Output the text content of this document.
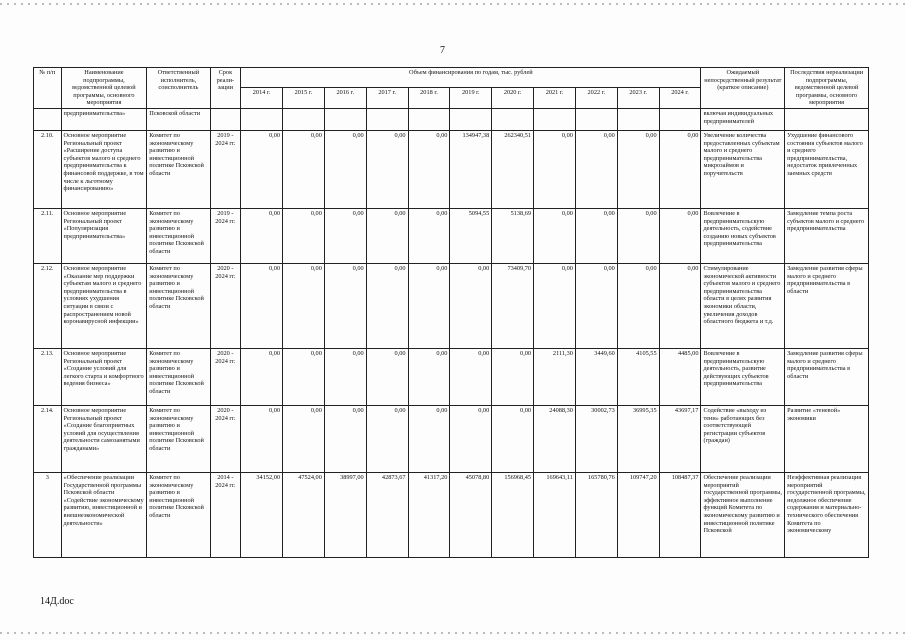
7
№ п/п	Наименование подпрограммы, ведомственной целевой программы, основного мероприятия	Ответственный исполнитель, соисполнитель	Срок реали-зации	Объем финансирования по годам, тыс. рублей											Ожидаемый непосредственный результат (краткое описание)	Последствия нереализации подпрограммы, ведомственной целевой программы, основного мероприятия
				2014 г.	2015 г.	2016 г.	2017 г.	2018 г.	2019 г.	2020 г.	2021 г.	2022 г.	2023 г.	2024 г.		
	предпринимательства»	Псковской области													включая индивидуальных предпринимателей	
2.10.	Основное мероприятие Региональный проект «Расширение доступа субъектов малого и среднего предпринимательства к финансовой поддержке, в том числе к льготному финансированию»	Комитет по экономическому развитию и инвестиционной политике Псковской области	2019 - 2024 гг.	0,00	0,00	0,00	0,00	0,00	134947,38	262340,51	0,00	0,00	0,00	0,00	Увеличение количества предоставленных субъектам малого и среднего предпринимательства микрозаймов и поручительств	Ухудшение финансового состояния субъектов малого и среднего предпринимательства, недостаток привлеченных заемных средств
2.11.	Основное мероприятие Региональный проект «Популяризация предпринимательства»	Комитет по экономическому развитию и инвестиционной политике Псковской области	2019 - 2024 гг.	0,00	0,00	0,00	0,00	0,00	5094,55	5138,69	0,00	0,00	0,00	0,00	Вовлечение в предпринимательскую деятельность, содействие созданию новых субъектов предпринимательства	Замедление темпа роста субъектов малого и среднего предпринимательства
2.12.	Основное мероприятие «Оказание мер поддержки субъектам малого и среднего предпринимательства в условиях ухудшения ситуации в связи с распространением новой коронавирусной инфекции»	Комитет по экономическому развитию и инвестиционной политике Псковской области	2020 - 2024 гг.	0,00	0,00	0,00	0,00	0,00	0,00	73409,70	0,00	0,00	0,00	0,00	Стимулирование экономической активности субъектов малого и среднего предпринимательства области в целях развития экономики области, увеличения доходов областного бюджета и т.д.	Замедление развития сферы малого и среднего предпринимательства в области
2.13.	Основное мероприятие Региональный проект «Создание условий для легкого старта и комфортного ведения бизнеса»	Комитет по экономическому развитию и инвестиционной политике Псковской области	2020 - 2024 гг.	0,00	0,00	0,00	0,00	0,00	0,00	0,00	2111,30	3449,60	4105,55	4485,00	Вовлечение в предпринимательскую деятельность, развитие действующих субъектов предпринимательства	Замедление развития сферы малого и среднего предпринимательства в области
2.14.	Основное мероприятие Региональный проект «Создание благоприятных условий для осуществления деятельности самозанятыми гражданами»	Комитет по экономическому развитию и инвестиционной политике Псковской области	2020 - 2024 гг.	0,00	0,00	0,00	0,00	0,00	0,00	0,00	24088,30	30002,73	36995,35	43697,17	Содействие «выходу из тени» работающих без соответствующей регистрации субъектов (граждан)	Развитие «теневой» экономики
3	«Обеспечение реализации Государственной программы Псковской области «Содействие экономическому развитию, инвестиционной и внешнеэкономической деятельности»	Комитет по экономическому развитию и инвестиционной политике Псковской области	2014 - 2024 гг.	34152,00	47524,00	38997,00	42873,67	41317,20	45078,80	156968,45	169643,11	165780,76	109747,20	108487,37	Обеспечение реализации мероприятий государственной программы, эффективное выполнение функций Комитета по экономическому развитию и инвестиционной политике Псковской	Неэффективная реализация мероприятий государственной программы, недолжное обеспечение содержания и материально-технического обеспечения Комитета по экономическому
14Д.doc
